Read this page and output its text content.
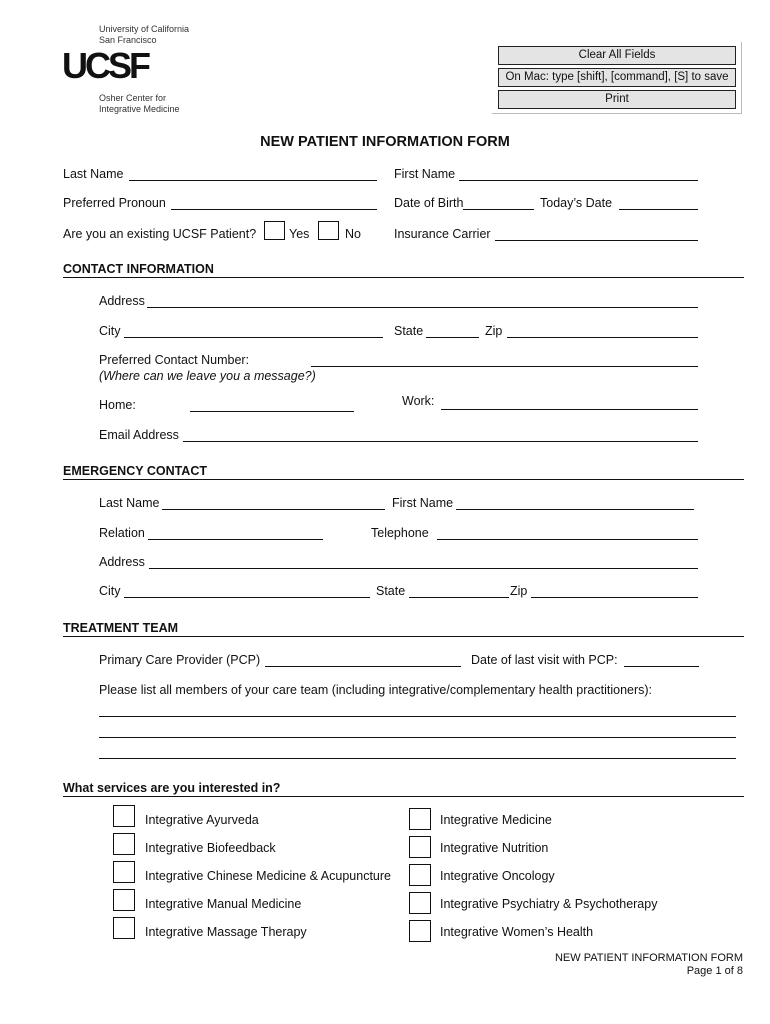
University of California
San Francisco
UCSF
Osher Center for
Integrative Medicine
Clear All Fields
On Mac: type [shift], [command], [S] to save
Print
NEW PATIENT INFORMATION FORM
Last Name	First Name
Preferred Pronoun	Date of Birth	Today’s Date
Are you an existing UCSF Patient?	Yes	No	Insurance Carrier
CONTACT INFORMATION
Address
City	State	Zip
Preferred Contact Number:
(Where can we leave you a message?)
Home:	Work:
Email Address
EMERGENCY CONTACT
Last Name	First Name
Relation	Telephone
Address
City	State	Zip
TREATMENT TEAM
Primary Care Provider (PCP)	Date of last visit with PCP:
Please list all members of your care team (including integrative/complementary health practitioners):
What services are you interested in?
Integrative Ayurveda
Integrative Biofeedback
Integrative Chinese Medicine & Acupuncture
Integrative Manual Medicine
Integrative Massage Therapy
Integrative Medicine
Integrative Nutrition
Integrative Oncology
Integrative Psychiatry & Psychotherapy
Integrative Women’s Health
NEW PATIENT INFORMATION FORM
Page 1 of 8
